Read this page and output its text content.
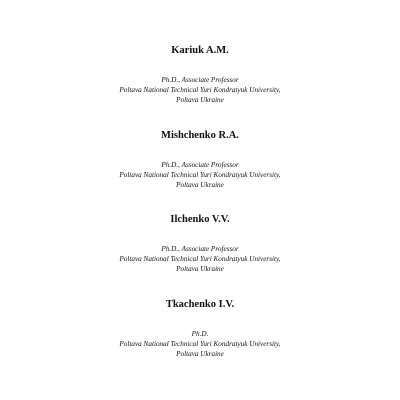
Kariuk A.M.

Ph.D., Associate Professor
Poltava National Technical Yuri Kondratyuk University,
Poltava Ukraine

Mishchenko R.A.

Ph.D., Associate Professor
Poltava National Technical Yuri Kondratyuk University,
Poltava Ukraine

Ilchenko V.V.

Ph.D., Associate Professor
Poltava National Technical Yuri Kondratyuk University,
Poltava Ukraine

Tkachenko I.V.

Ph.D.
Poltava National Technical Yuri Kondratyuk University,
Poltava Ukraine
